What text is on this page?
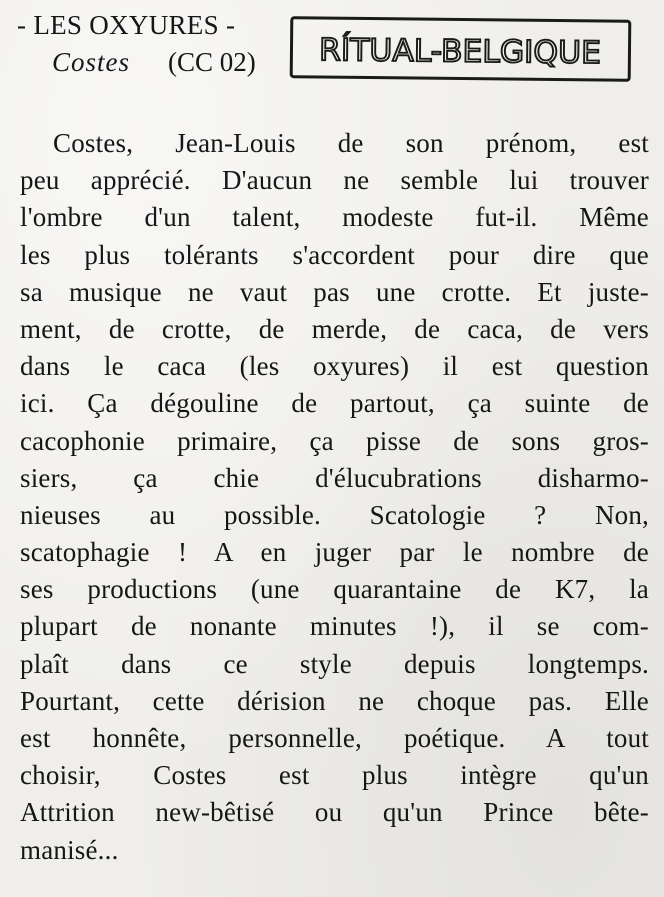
- LES OXYURES -
Costes (CC 02) RÍTUAL-BELGIQUE
Costes, Jean-Louis de son prénom, est
peu apprécié. D'aucun ne semble lui trouver
l'ombre d'un talent, modeste fut-il. Même
les plus tolérants s'accordent pour dire que
sa musique ne vaut pas une crotte. Et juste-
ment, de crotte, de merde, de caca, de vers
dans le caca (les oxyures) il est question
ici. Ça dégouline de partout, ça suinte de
cacophonie primaire, ça pisse de sons gros-
siers, ça chie d'élucubrations disharmo-
nieuses au possible. Scatologie ? Non,
scatophagie ! A en juger par le nombre de
ses productions (une quarantaine de K7, la
plupart de nonante minutes !), il se com-
plaît dans ce style depuis longtemps.
Pourtant, cette dérision ne choque pas. Elle
est honnête, personnelle, poétique. A tout
choisir, Costes est plus intègre qu'un
Attrition new-bêtisé ou qu'un Prince bête-
manisé...
